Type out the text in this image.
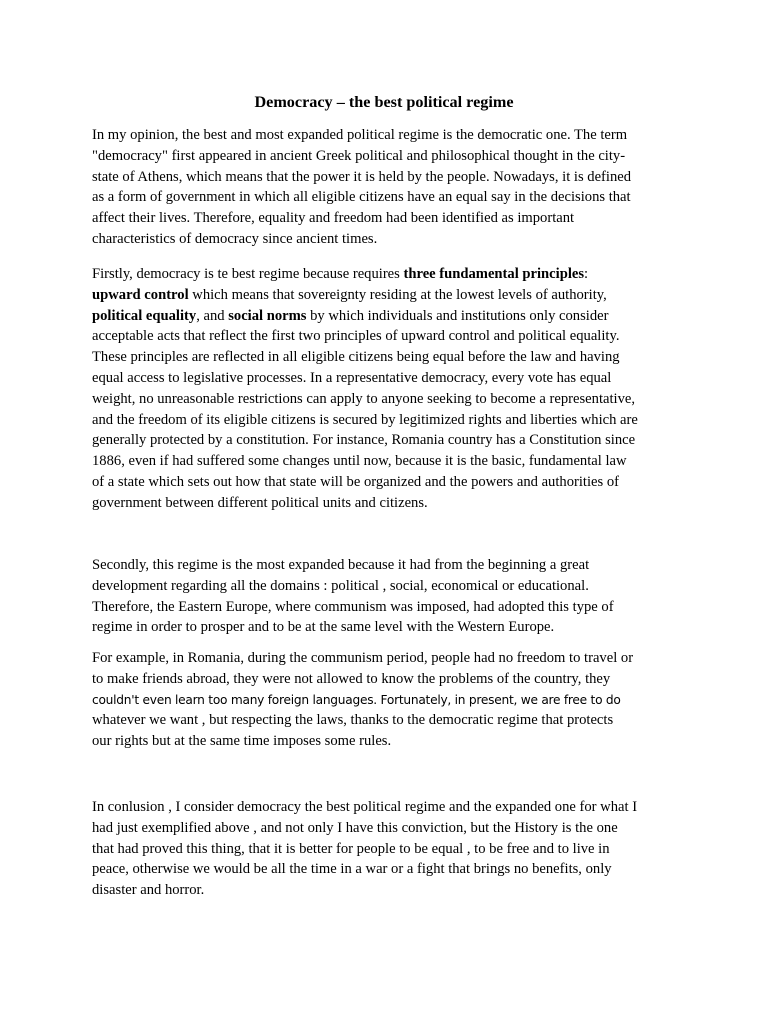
Democracy – the best political regime
In my opinion, the best and most expanded political regime is the democratic one. The term
"democracy" first appeared in ancient Greek political and philosophical thought in the city-
state of Athens, which means that the power it is held by the people. Nowadays, it is defined
as a form of government in which all eligible citizens have an equal say in the decisions that
affect their lives. Therefore, equality and freedom had been identified as important
characteristics of democracy since ancient times.
Firstly, democracy is te best regime because requires three fundamental principles:
upward control which means that sovereignty residing at the lowest levels of authority,
political equality, and social norms by which individuals and institutions only consider
acceptable acts that reflect the first two principles of upward control and political equality.
These principles are reflected in all eligible citizens being equal before the law and having
equal access to legislative processes. In a representative democracy, every vote has equal
weight, no unreasonable restrictions can apply to anyone seeking to become a representative,
and the freedom of its eligible citizens is secured by legitimized rights and liberties which are
generally protected by a constitution. For instance, Romania country has a Constitution since
1886, even if had suffered some changes until now, because it is the basic, fundamental law
of a state which sets out how that state will be organized and the powers and authorities of
government between different political units and citizens.
Secondly, this regime is the most expanded because it had from the beginning a great
development regarding all the domains : political , social, economical or educational.
Therefore, the Eastern Europe, where communism was imposed, had adopted this type of
regime in order to prosper and to be at the same level with the Western Europe.
For example, in Romania, during the communism period, people had no freedom to travel or
to make friends abroad, they were not allowed to know the problems of the country, they
couldn't even learn too many foreign languages. Fortunately, in present, we are free to do
whatever we want , but respecting the laws, thanks to the democratic regime that protects
our rights but at the same time imposes some rules.
In conlusion , I consider democracy the best political regime and the expanded one for what I
had just exemplified above , and not only I have this conviction, but the History is the one
that had proved this thing, that it is better for people to be equal , to be free and to live in
peace, otherwise we would be all the time in a war or a fight that brings no benefits, only
disaster and horror.
